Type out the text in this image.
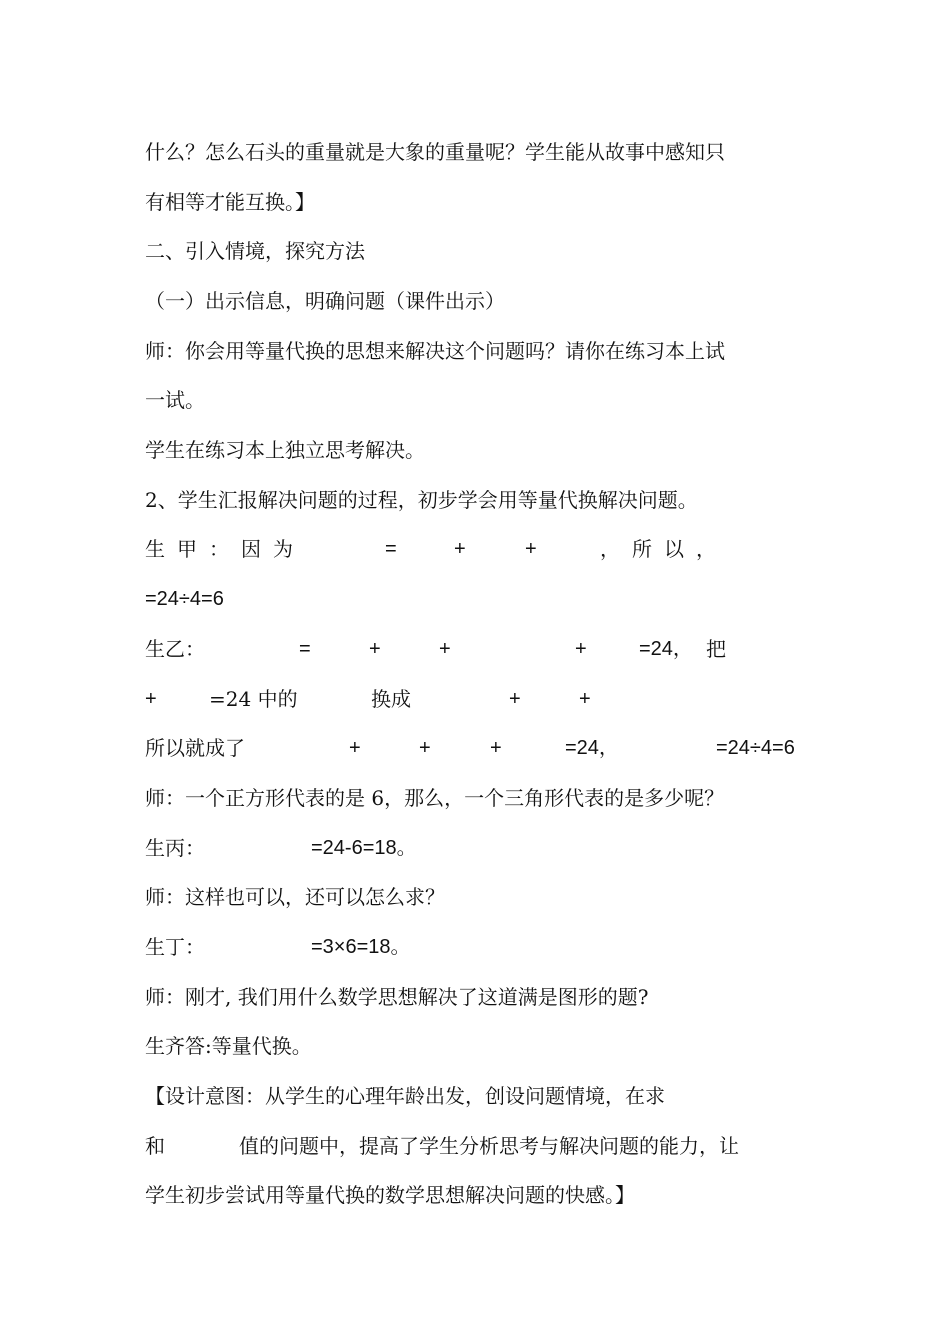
什么？怎么石头的重量就是大象的重量呢？学生能从故事中感知只
有相等才能互换。】
二、引入情境，探究方法
（一）出示信息，明确问题（课件出示）
师：你会用等量代换的思想来解决这个问题吗？请你在练习本上试
一试。
学生在练习本上独立思考解决。
2、学生汇报解决问题的过程，初步学会用等量代换解决问题。
生甲：因为	=	+	+	，所以，
=24÷4=6
生乙：	=	+	+	+	=24， 把
+	=24 中的	换成	+	+
所以就成了	+	+	+	=24，	=24÷4=6
师：一个正方形代表的是 6，那么，一个三角形代表的是多少呢？
生丙：	=24-6=18。
师：这样也可以，还可以怎么求？
生丁：	=3×6=18。
师：刚才, 我们用什么数学思想解决了这道满是图形的题?
生齐答:等量代换。
【设计意图：从学生的心理年龄出发，创设问题情境，在求
和	值的问题中，提高了学生分析思考与解决问题的能力，让
学生初步尝试用等量代换的数学思想解决问题的快感。】
